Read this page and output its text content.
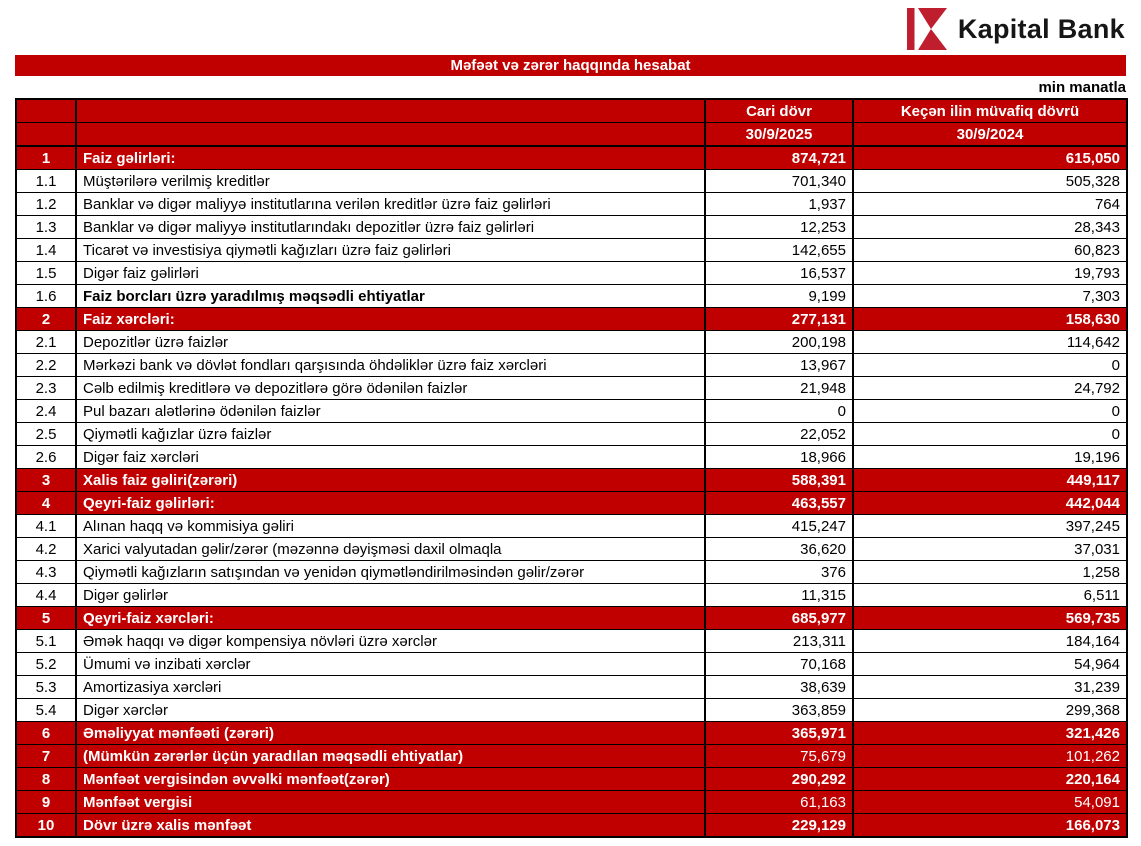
Kapital Bank
Məfəət və zərər haqqında hesabat
min manatla
		Cari dövr	Keçən ilin müvafiq dövrü
		30/9/2025	30/9/2024
1	Faiz gəlirləri:	874,721	615,050
1.1	Müştərilərə verilmiş kreditlər	701,340	505,328
1.2	Banklar və digər maliyyə institutlarına verilən kreditlər üzrə faiz gəlirləri	1,937	764
1.3	Banklar və digər maliyyə institutlarındakı depozitlər üzrə faiz gəlirləri	12,253	28,343
1.4	Ticarət və investisiya qiymətli kağızları üzrə faiz gəlirləri	142,655	60,823
1.5	Digər faiz gəlirləri	16,537	19,793
1.6	Faiz borcları üzrə yaradılmış məqsədli ehtiyatlar	9,199	7,303
2	Faiz xərcləri:	277,131	158,630
2.1	Depozitlər üzrə faizlər	200,198	114,642
2.2	Mərkəzi bank və dövlət fondları qarşısında öhdəliklər üzrə faiz xərcləri	13,967	0
2.3	Cəlb edilmiş kreditlərə və depozitlərə görə ödənilən faizlər	21,948	24,792
2.4	Pul bazarı alətlərinə ödənilən faizlər	0	0
2.5	Qiymətli kağızlar üzrə faizlər	22,052	0
2.6	Digər faiz xərcləri	18,966	19,196
3	Xalis faiz gəliri(zərəri)	588,391	449,117
4	Qeyri-faiz gəlirləri:	463,557	442,044
4.1	Alınan haqq və kommisiya gəliri	415,247	397,245
4.2	Xarici valyutadan gəlir/zərər (məzənnə dəyişməsi daxil olmaqla	36,620	37,031
4.3	Qiymətli kağızların satışından və yenidən qiymətləndirilməsindən gəlir/zərər	376	1,258
4.4	Digər gəlirlər	11,315	6,511
5	Qeyri-faiz xərcləri:	685,977	569,735
5.1	Əmək haqqı və digər kompensiya növləri üzrə xərclər	213,311	184,164
5.2	Ümumi və inzibati xərclər	70,168	54,964
5.3	Amortizasiya xərcləri	38,639	31,239
5.4	Digər xərclər	363,859	299,368
6	Əməliyyat mənfəəti (zərəri)	365,971	321,426
7	(Mümkün zərərlər üçün yaradılan məqsədli ehtiyatlar)	75,679	101,262
8	Mənfəət vergisindən əvvəlki mənfəət(zərər)	290,292	220,164
9	Mənfəət vergisi	61,163	54,091
10	Dövr üzrə xalis mənfəət	229,129	166,073
